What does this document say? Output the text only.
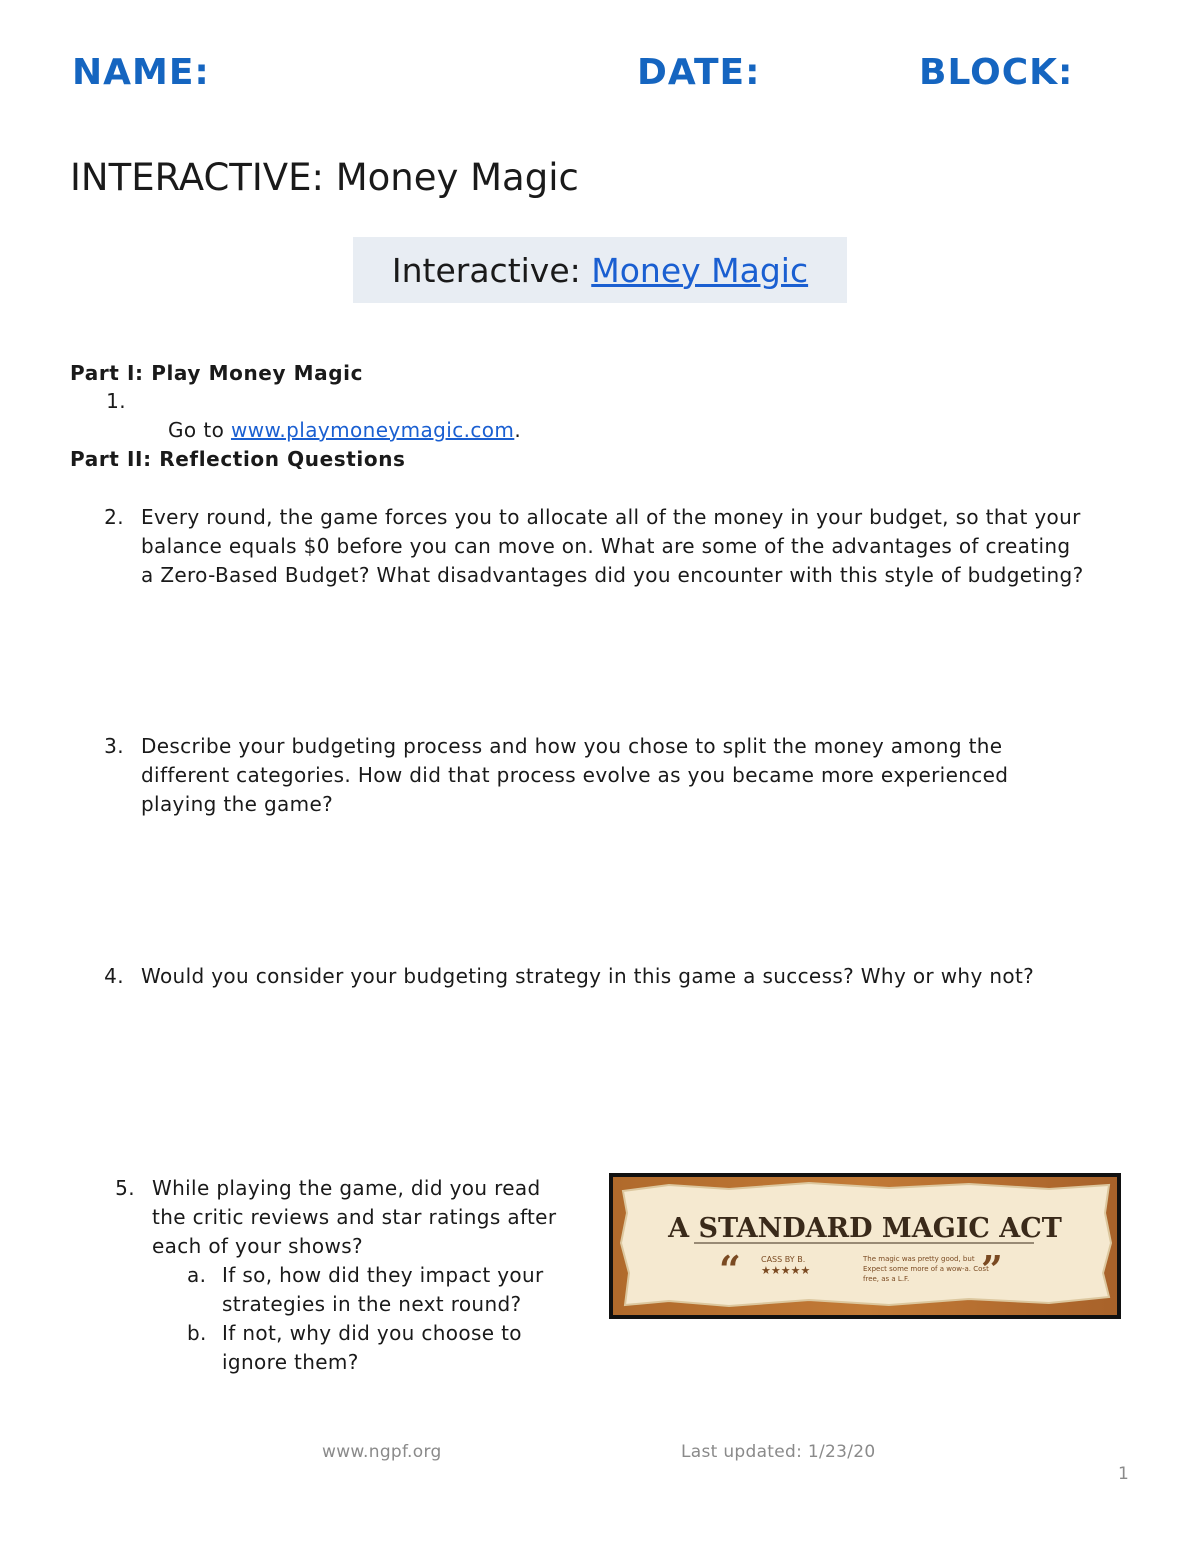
NAME:	DATE:	BLOCK:
INTERACTIVE: Money Magic
Interactive: Money Magic
Part I: Play Money Magic
1.

Go to www.playmoneymagic.com.

Part II: Reflection Questions
2. Every round, the game forces you to allocate all of the money in your budget, so that your
balance equals $0 before you can move on. What are some of the advantages of creating
a Zero-Based Budget? What disadvantages did you encounter with this style of budgeting?
3. Describe your budgeting process and how you chose to split the money among the
different categories. How did that process evolve as you became more experienced
playing the game?
4. Would you consider your budgeting strategy in this game a success? Why or why not?
5. While playing the game, did you read
the critic reviews and star ratings after
each of your shows?
a. If so, how did they impact your
strategies in the next round?
b. If not, why did you choose to
ignore them?
A STANDARD MAGIC ACT
“	CASS BY B.
★★★★★
The magic was pretty good, but
Expect some more of a wow-a. Cost
free, as a L.F. ”
www.ngpf.org	Last updated: 1/23/20
1
